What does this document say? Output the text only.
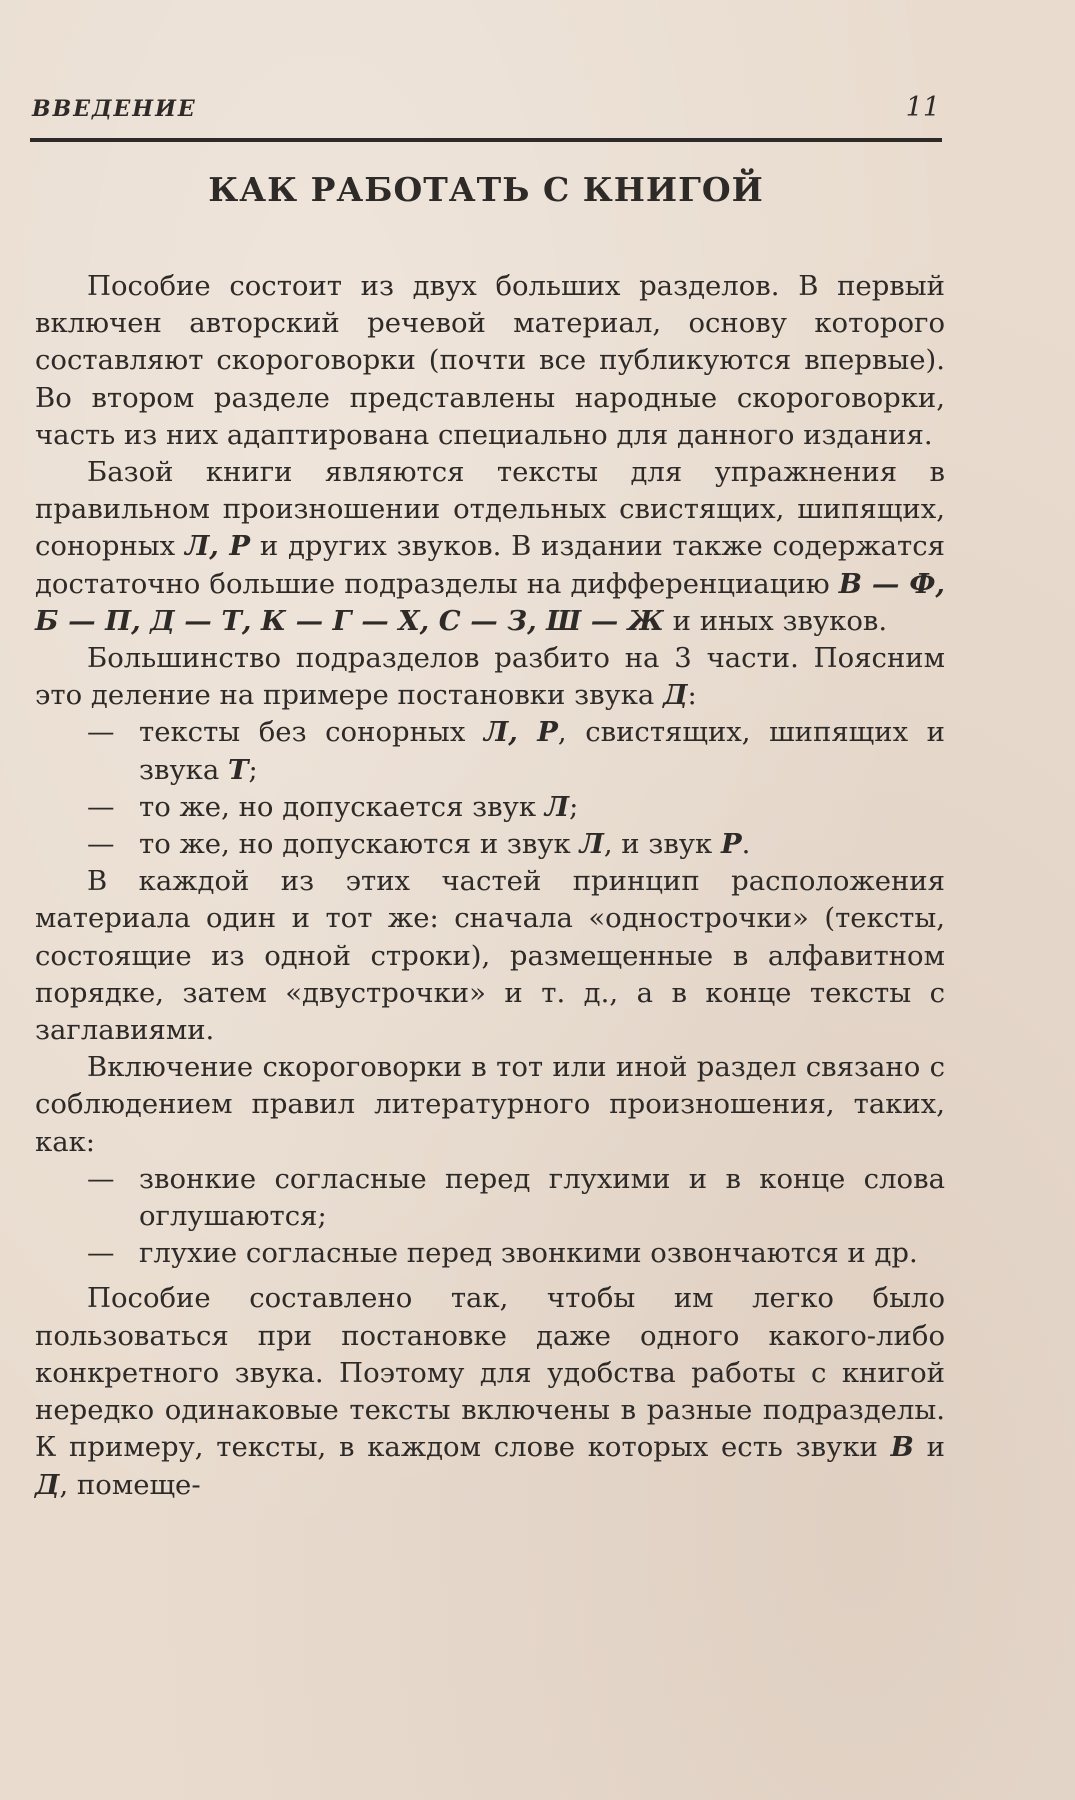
ВВЕДЕНИЕ	11
КАК РАБОТАТЬ С КНИГОЙ

Пособие состоит из двух больших разделов. В первый включен авторский речевой материал, основу которого составляют скороговорки (почти все публикуются впервые). Во втором разделе представлены народные скороговорки, часть из них адаптирована специально для данного издания.

Базой книги являются тексты для упражнения в правильном произношении отдельных свистящих, шипящих, сонорных Л, Р и других звуков. В издании также содержатся достаточно большие подразделы на дифференциацию В — Ф, Б — П, Д — Т, К — Г — Х, С — З, Ш — Ж и иных звуков.

Большинство подразделов разбито на 3 части. Поясним это деление на примере постановки звука Д:

— тексты без сонорных Л, Р, свистящих, шипящих и звука Т;
— то же, но допускается звук Л;
— то же, но допускаются и звук Л, и звук Р.

В каждой из этих частей принцип расположения материала один и тот же: сначала «однострочки» (тексты, состоящие из одной строки), размещенные в алфавитном порядке, затем «двустрочки» и т. д., а в конце тексты с заглавиями.

Включение скороговорки в тот или иной раздел связано с соблюдением правил литературного произношения, таких, как:

— звонкие согласные перед глухими и в конце слова оглушаются;
— глухие согласные перед звонкими озвончаются и др.

Пособие составлено так, чтобы им легко было пользоваться при постановке даже одного какого-либо конкретного звука. Поэтому для удобства работы с книгой нередко одинаковые тексты включены в разные подразделы. К примеру, тексты, в каждом слове которых есть звуки В и Д, помеще-
